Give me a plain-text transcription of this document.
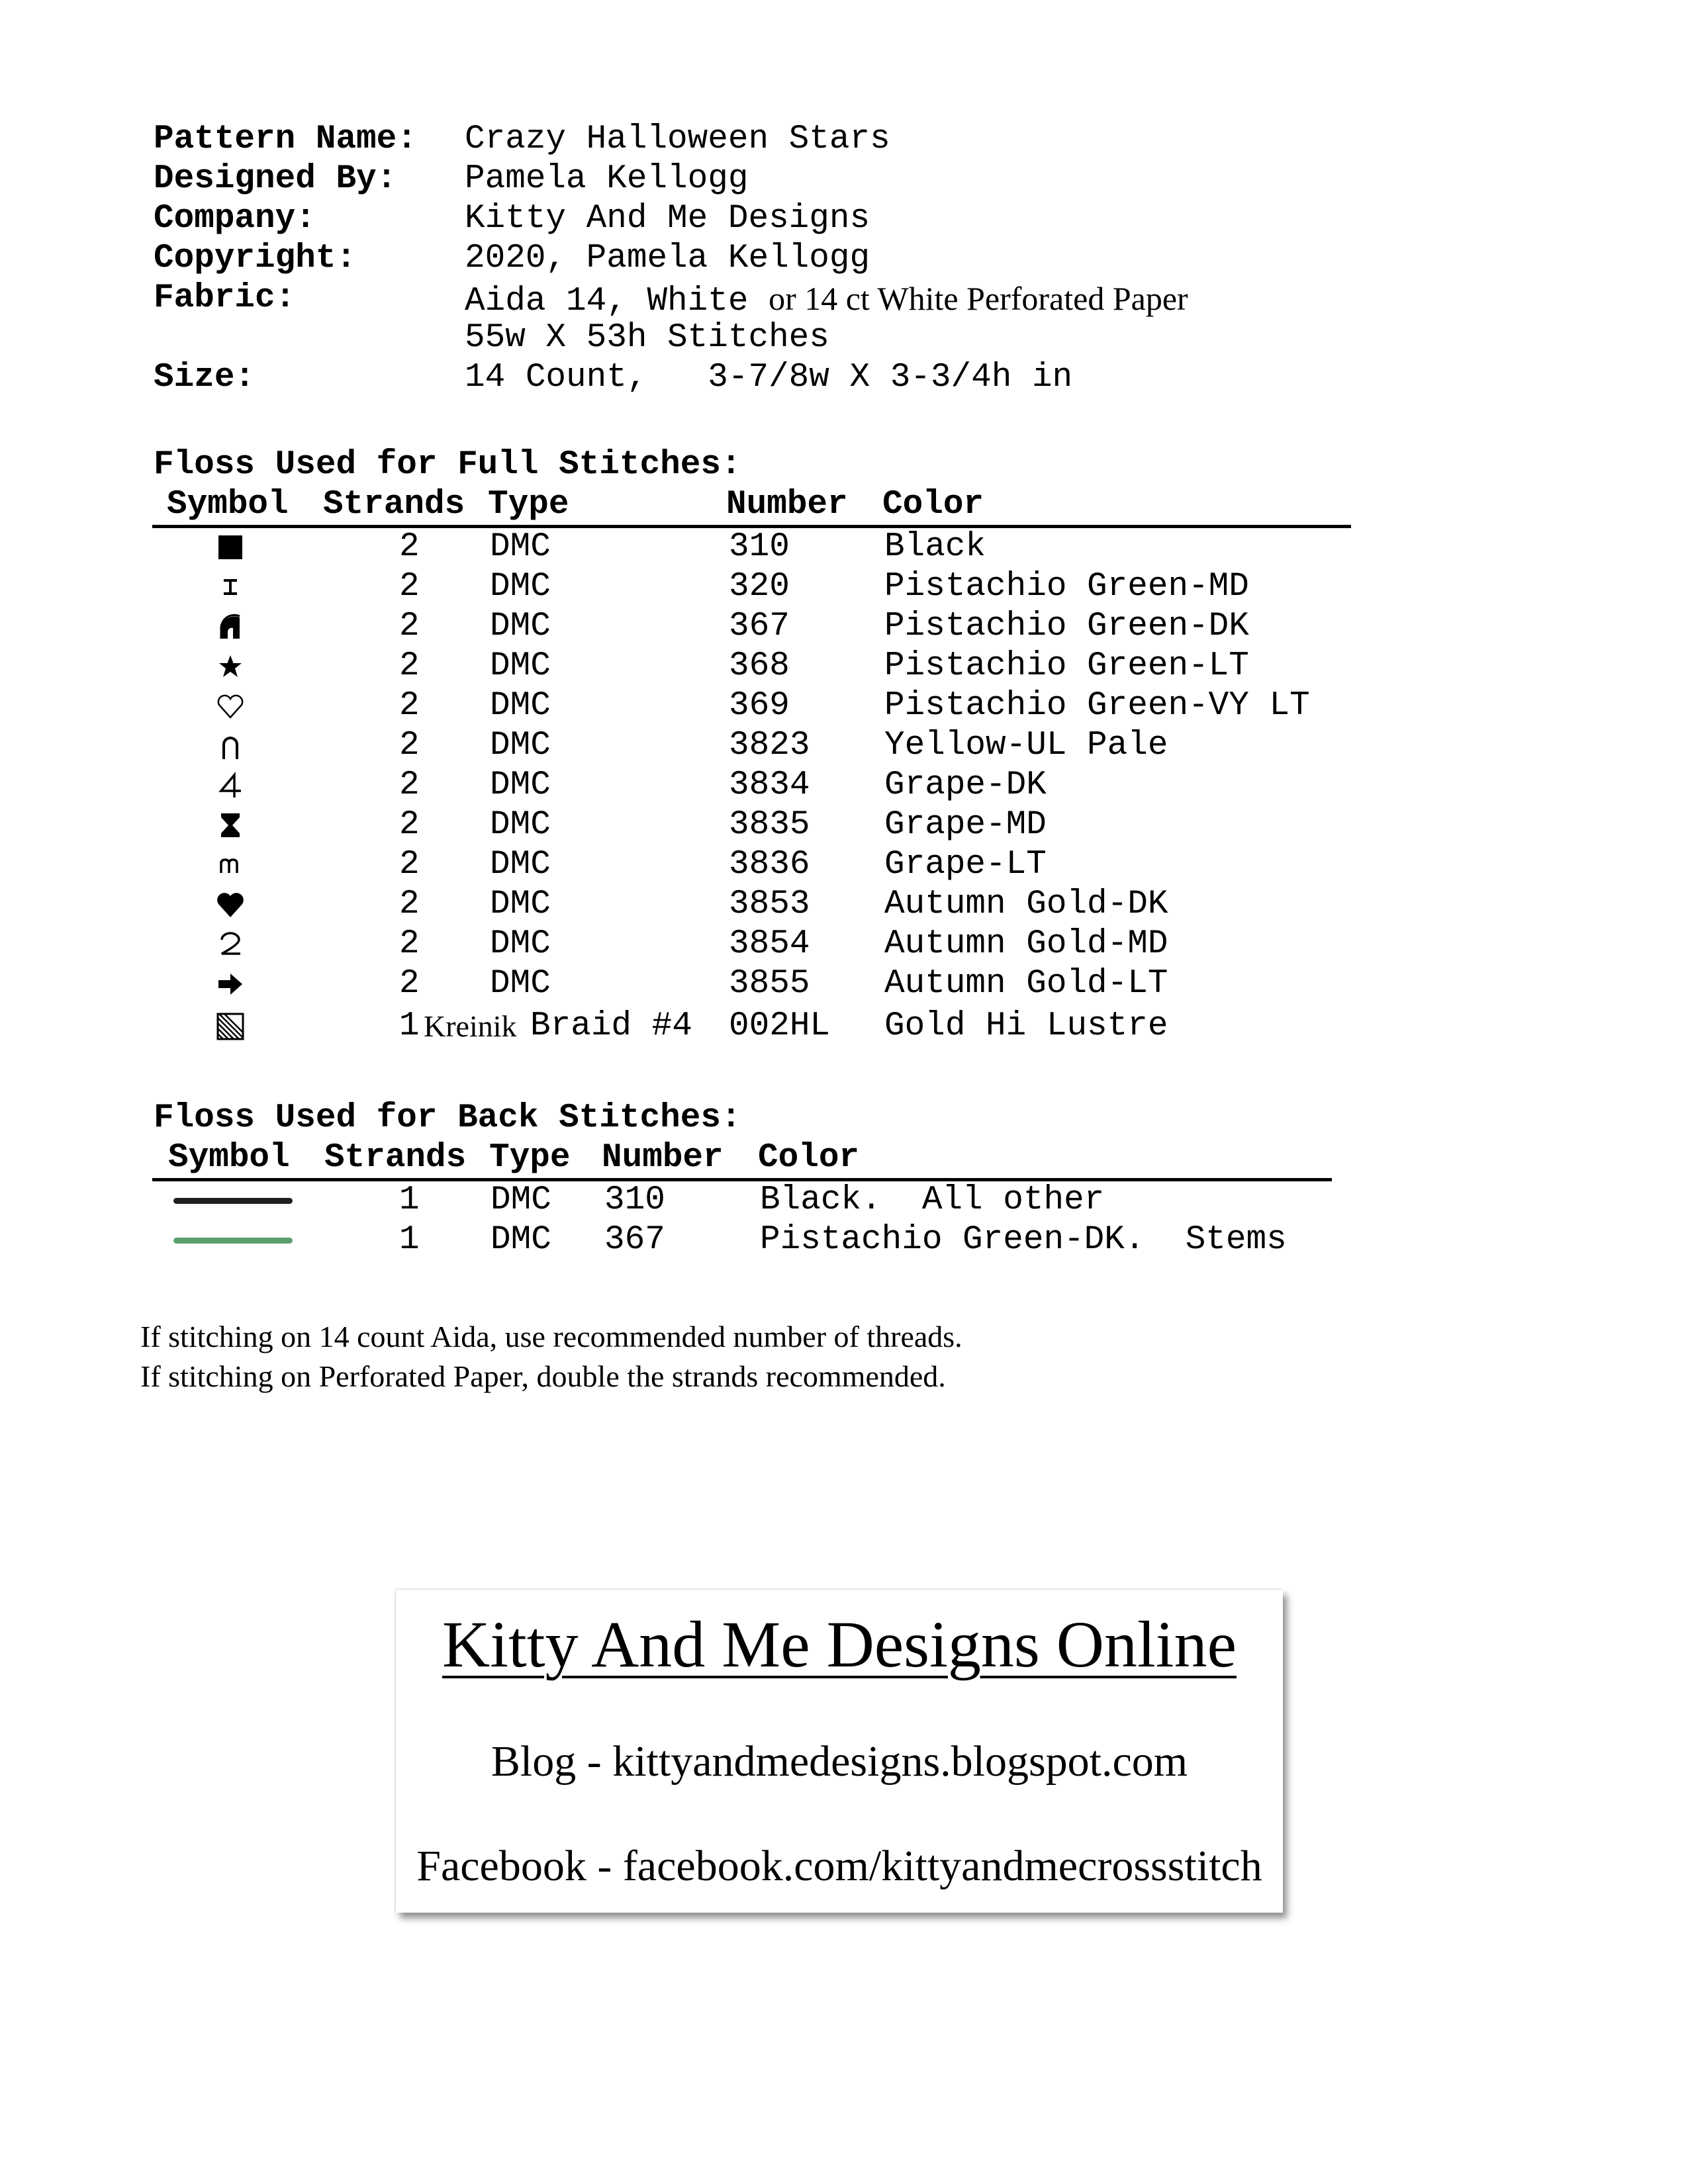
Pattern Name: Crazy Halloween Stars
Designed By: Pamela Kellogg
Company:	Kitty And Me Designs
Copyright:	2020, Pamela Kellogg
Fabric:	Aida 14, White or 14 ct White Perforated Paper
55w X 53h Stitches
Size:	14 Count,   3-7/8w X 3-3/4h in
Floss Used for Full Stitches:
Symbol Strands Type	Number Color
2 DMC	310	Black
2 DMC	320	Pistachio Green-MD
2 DMC	367	Pistachio Green-DK
2 DMC	368	Pistachio Green-LT
2 DMC	369	Pistachio Green-VY LT
2 DMC	3823 Yellow-UL Pale
2 DMC	3834 Grape-DK
2 DMC	3835 Grape-MD
2 DMC	3836 Grape-LT
2 DMC	3853 Autumn Gold-DK
2 DMC	3854 Autumn Gold-MD
2 DMC	3855 Autumn Gold-LT
1 Kreinik Braid #4 002HL Gold Hi Lustre
Floss Used for Back Stitches:
Symbol Strands Type Number Color
1 DMC 310	Black.  All other
1 DMC 367	Pistachio Green-DK.  Stems
If stitching on 14 count Aida, use recommended number of threads.
If stitching on Perforated Paper, double the strands recommended.
Kitty And Me Designs Online
Blog - kittyandmedesigns.blogspot.com
Facebook - facebook.com/kittyandmecrossstitch
